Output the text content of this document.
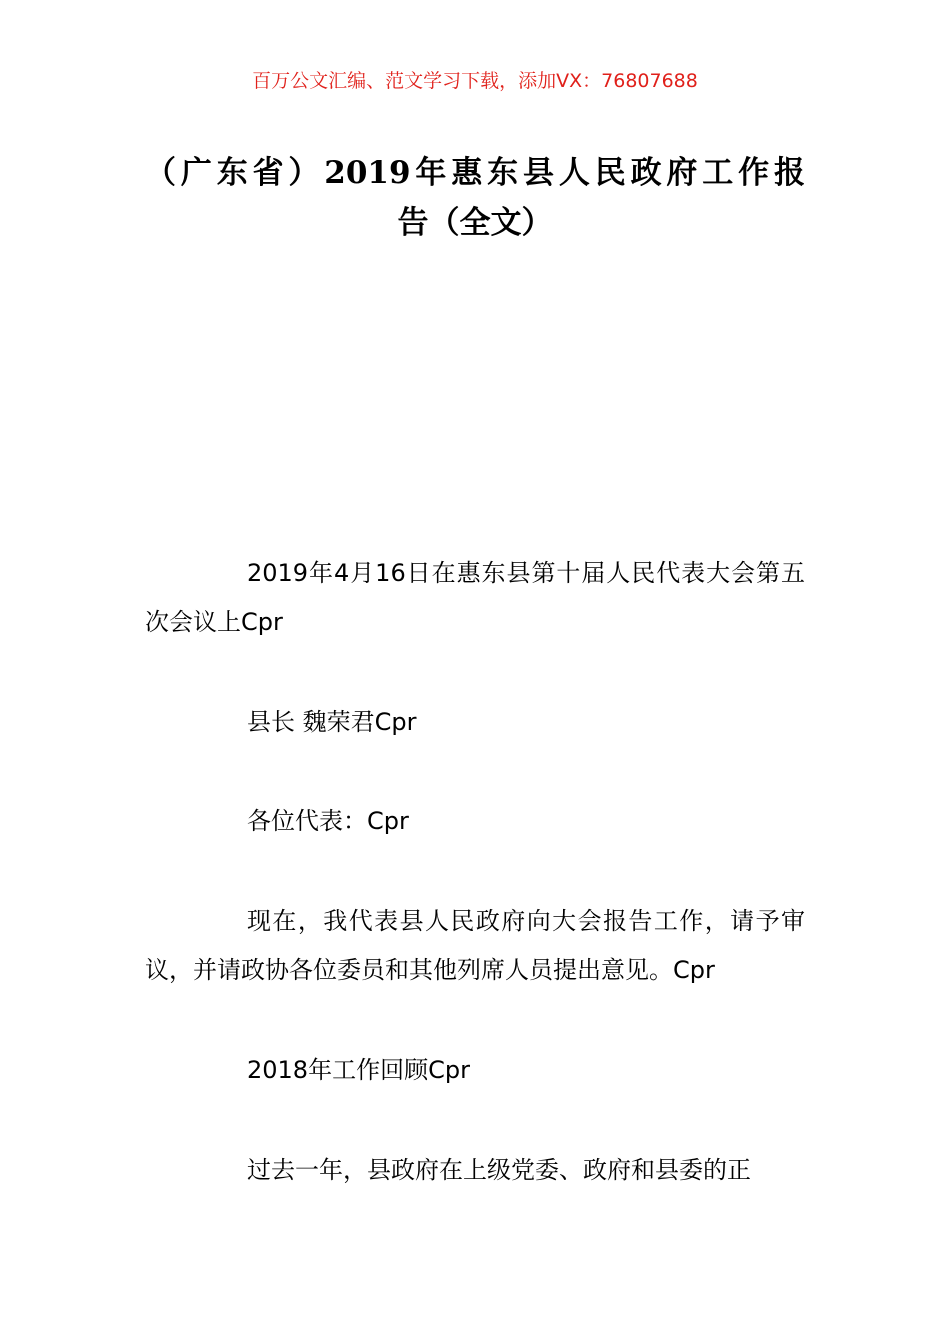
百万公文汇编、范文学习下载，添加VX：76807688
（广东省）2019年惠东县人民政府工作报
告（全文）
2019年4月16日在惠东县第十届人民代表大会第五次会议上Cpr
县长 魏荣君Cpr
各位代表：Cpr
现在，我代表县人民政府向大会报告工作，请予审议，并请政协各位委员和其他列席人员提出意见。Cpr
2018年工作回顾Cpr
过去一年，县政府在上级党委、政府和县委的正
